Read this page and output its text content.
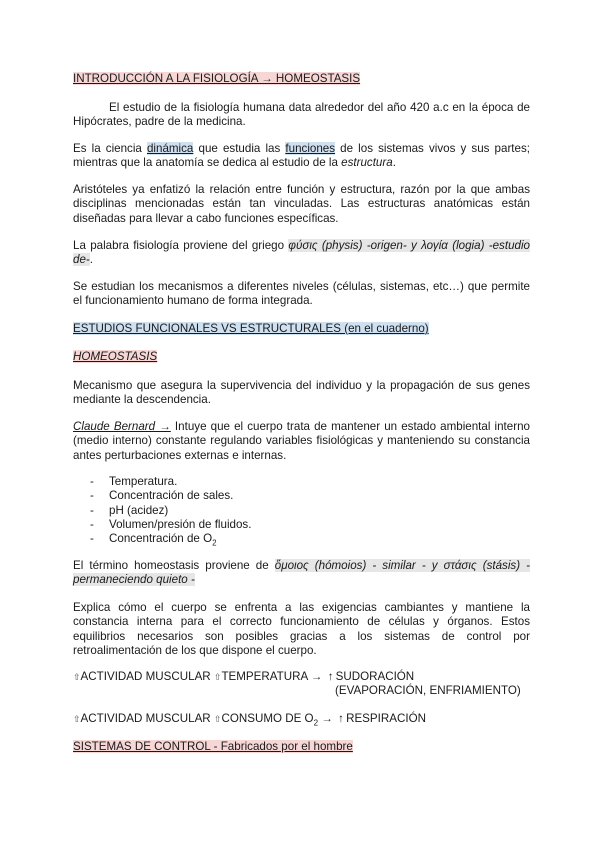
INTRODUCCIÓN A LA FISIOLOGÍA → HOMEOSTASIS
El estudio de la fisiología humana data alrededor del año 420 a.c en la época de Hipócrates, padre de la medicina.
Es la ciencia dinámica que estudia las funciones de los sistemas vivos y sus partes; mientras que la anatomía se dedica al estudio de la estructura.
Aristóteles ya enfatizó la relación entre función y estructura, razón por la que ambas disciplinas mencionadas están tan vinculadas. Las estructuras anatómicas están diseñadas para llevar a cabo funciones específicas.
La palabra fisiología proviene del griego φύσις (physis) -origen- y λογία (logia) -estudio de-.
Se estudian los mecanismos a diferentes niveles (células, sistemas, etc…) que permite el funcionamiento humano de forma integrada.
ESTUDIOS FUNCIONALES VS ESTRUCTURALES (en el cuaderno)
HOMEOSTASIS
Mecanismo que asegura la supervivencia del individuo y la propagación de sus genes mediante la descendencia.
Claude Bernard → Intuye que el cuerpo trata de mantener un estado ambiental interno (medio interno) constante regulando variables fisiológicas y manteniendo su constancia antes perturbaciones externas e internas.
- Temperatura.
- Concentración de sales.
- pH (acidez)
- Volumen/presión de fluidos.
- Concentración de $O_2$
El término homeostasis proviene de ὅμοιος (hómoios) - similar - y στάσις (stásis) - permaneciendo quieto -
Explica cómo el cuerpo se enfrenta a las exigencias cambiantes y mantiene la constancia interna para el correcto funcionamiento de células y órganos. Estos equilibrios necesarios son posibles gracias a los sistemas de control por retroalimentación de los que dispone el cuerpo.
⇧ACTIVIDAD MUSCULAR ⇧TEMPERATURA → ↑ SUDORACIÓN
(EVAPORACIÓN, ENFRIAMIENTO)
⇧ACTIVIDAD MUSCULAR ⇧CONSUMO DE $O_2$ → ↑ RESPIRACIÓN
SISTEMAS DE CONTROL - Fabricados por el hombre
